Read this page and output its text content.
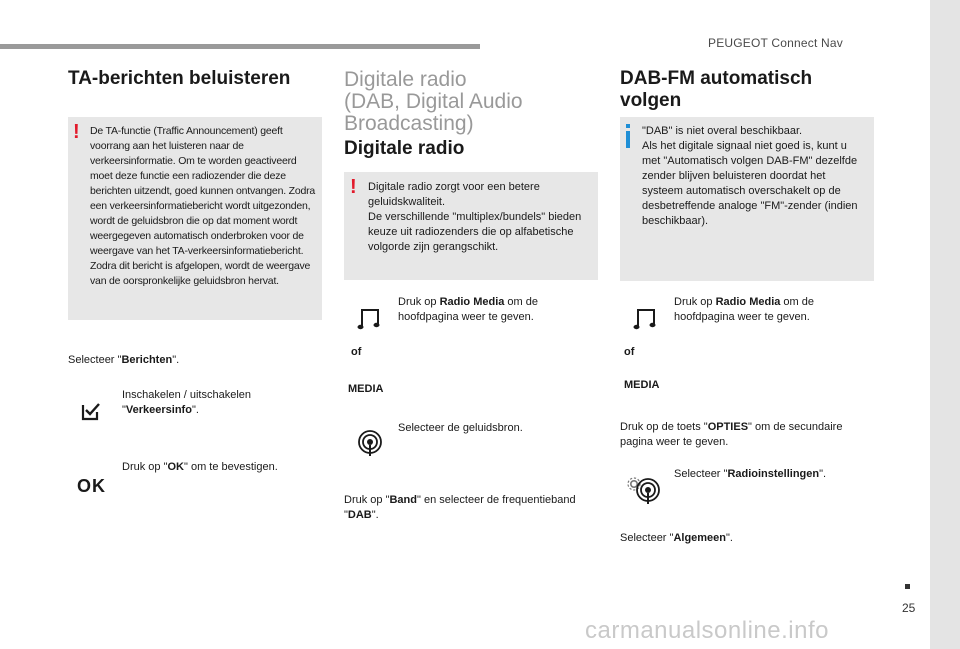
PEUGEOT Connect Nav
25
carmanualsonline.info
TA-berichten beluisteren
! De TA-functie (Traffic Announcement) geeft voorrang aan het luisteren naar de verkeersinformatie. Om te worden geactiveerd moet deze functie een radiozender die deze berichten uitzendt, goed kunnen ontvangen. Zodra een verkeersinformatiebericht wordt uitgezonden, wordt de geluidsbron die op dat moment wordt weergegeven automatisch onderbroken voor de weergave van het TA-verkeersinformatiebericht. Zodra dit bericht is afgelopen, wordt de weergave van de oorspronkelijke geluidsbron hervat.
Selecteer "Berichten".
Inschakelen / uitschakelen
"Verkeersinfo".
OK
Druk op "OK" om te bevestigen.
Digitale radio
(DAB, Digital Audio
Broadcasting)
Digitale radio
! Digitale radio zorgt voor een betere geluidskwaliteit.
De verschillende "multiplex/bundels" bieden keuze uit radiozenders die op alfabetische volgorde zijn gerangschikt.
of
MEDIA
Druk op Radio Media om de hoofdpagina weer te geven.
Selecteer de geluidsbron.
Druk op "Band" en selecteer de frequentieband "DAB".
DAB-FM automatisch
volgen
"DAB" is niet overal beschikbaar.
Als het digitale signaal niet goed is, kunt u met "Automatisch volgen DAB-FM" dezelfde zender blijven beluisteren doordat het systeem automatisch overschakelt op de desbetreffende analoge "FM"-zender (indien beschikbaar).
of
MEDIA
Druk op Radio Media om de hoofdpagina weer te geven.
Druk op de toets "OPTIES" om de secundaire pagina weer te geven.
Selecteer "Radioinstellingen".
Selecteer "Algemeen".
